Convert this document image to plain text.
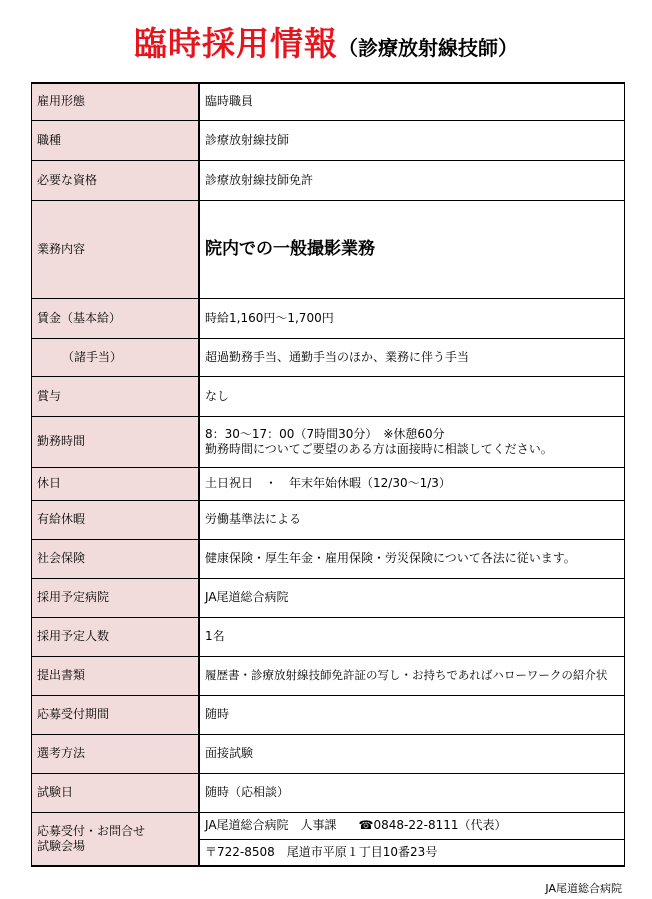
臨時採用情報（診療放射線技師）
雇用形態	臨時職員
職種	診療放射線技師
必要な資格	診療放射線技師免許
業務内容	院内での一般撮影業務
賃金（基本給）	時給1,160円～1,700円
（諸手当）	超過勤務手当、通勤手当のほか、業務に伴う手当
賞与	なし
勤務時間	8：30～17：00（7時間30分）　※休憩60分
勤務時間についてご要望のある方は面接時に相談してください。

休日	土日祝日　・　年末年始休暇（12/30～1/3）
有給休暇	労働基準法による
社会保険	健康保険・厚生年金・雇用保険・労災保険について各法に従います。
採用予定病院	JA尾道総合病院
採用予定人数	1名
提出書類	履歴書・診療放射線技師免許証の写し・お持ちであればハローワークの紹介状
応募受付期間	随時
選考方法	面接試験
試験日	随時（応相談）

応募受付・お問合せ
試験会場	JA尾道総合病院　人事課 ☎0848-22-8111（代表）
	〒722-8508　尾道市平原１丁目10番23号
JA尾道総合病院
